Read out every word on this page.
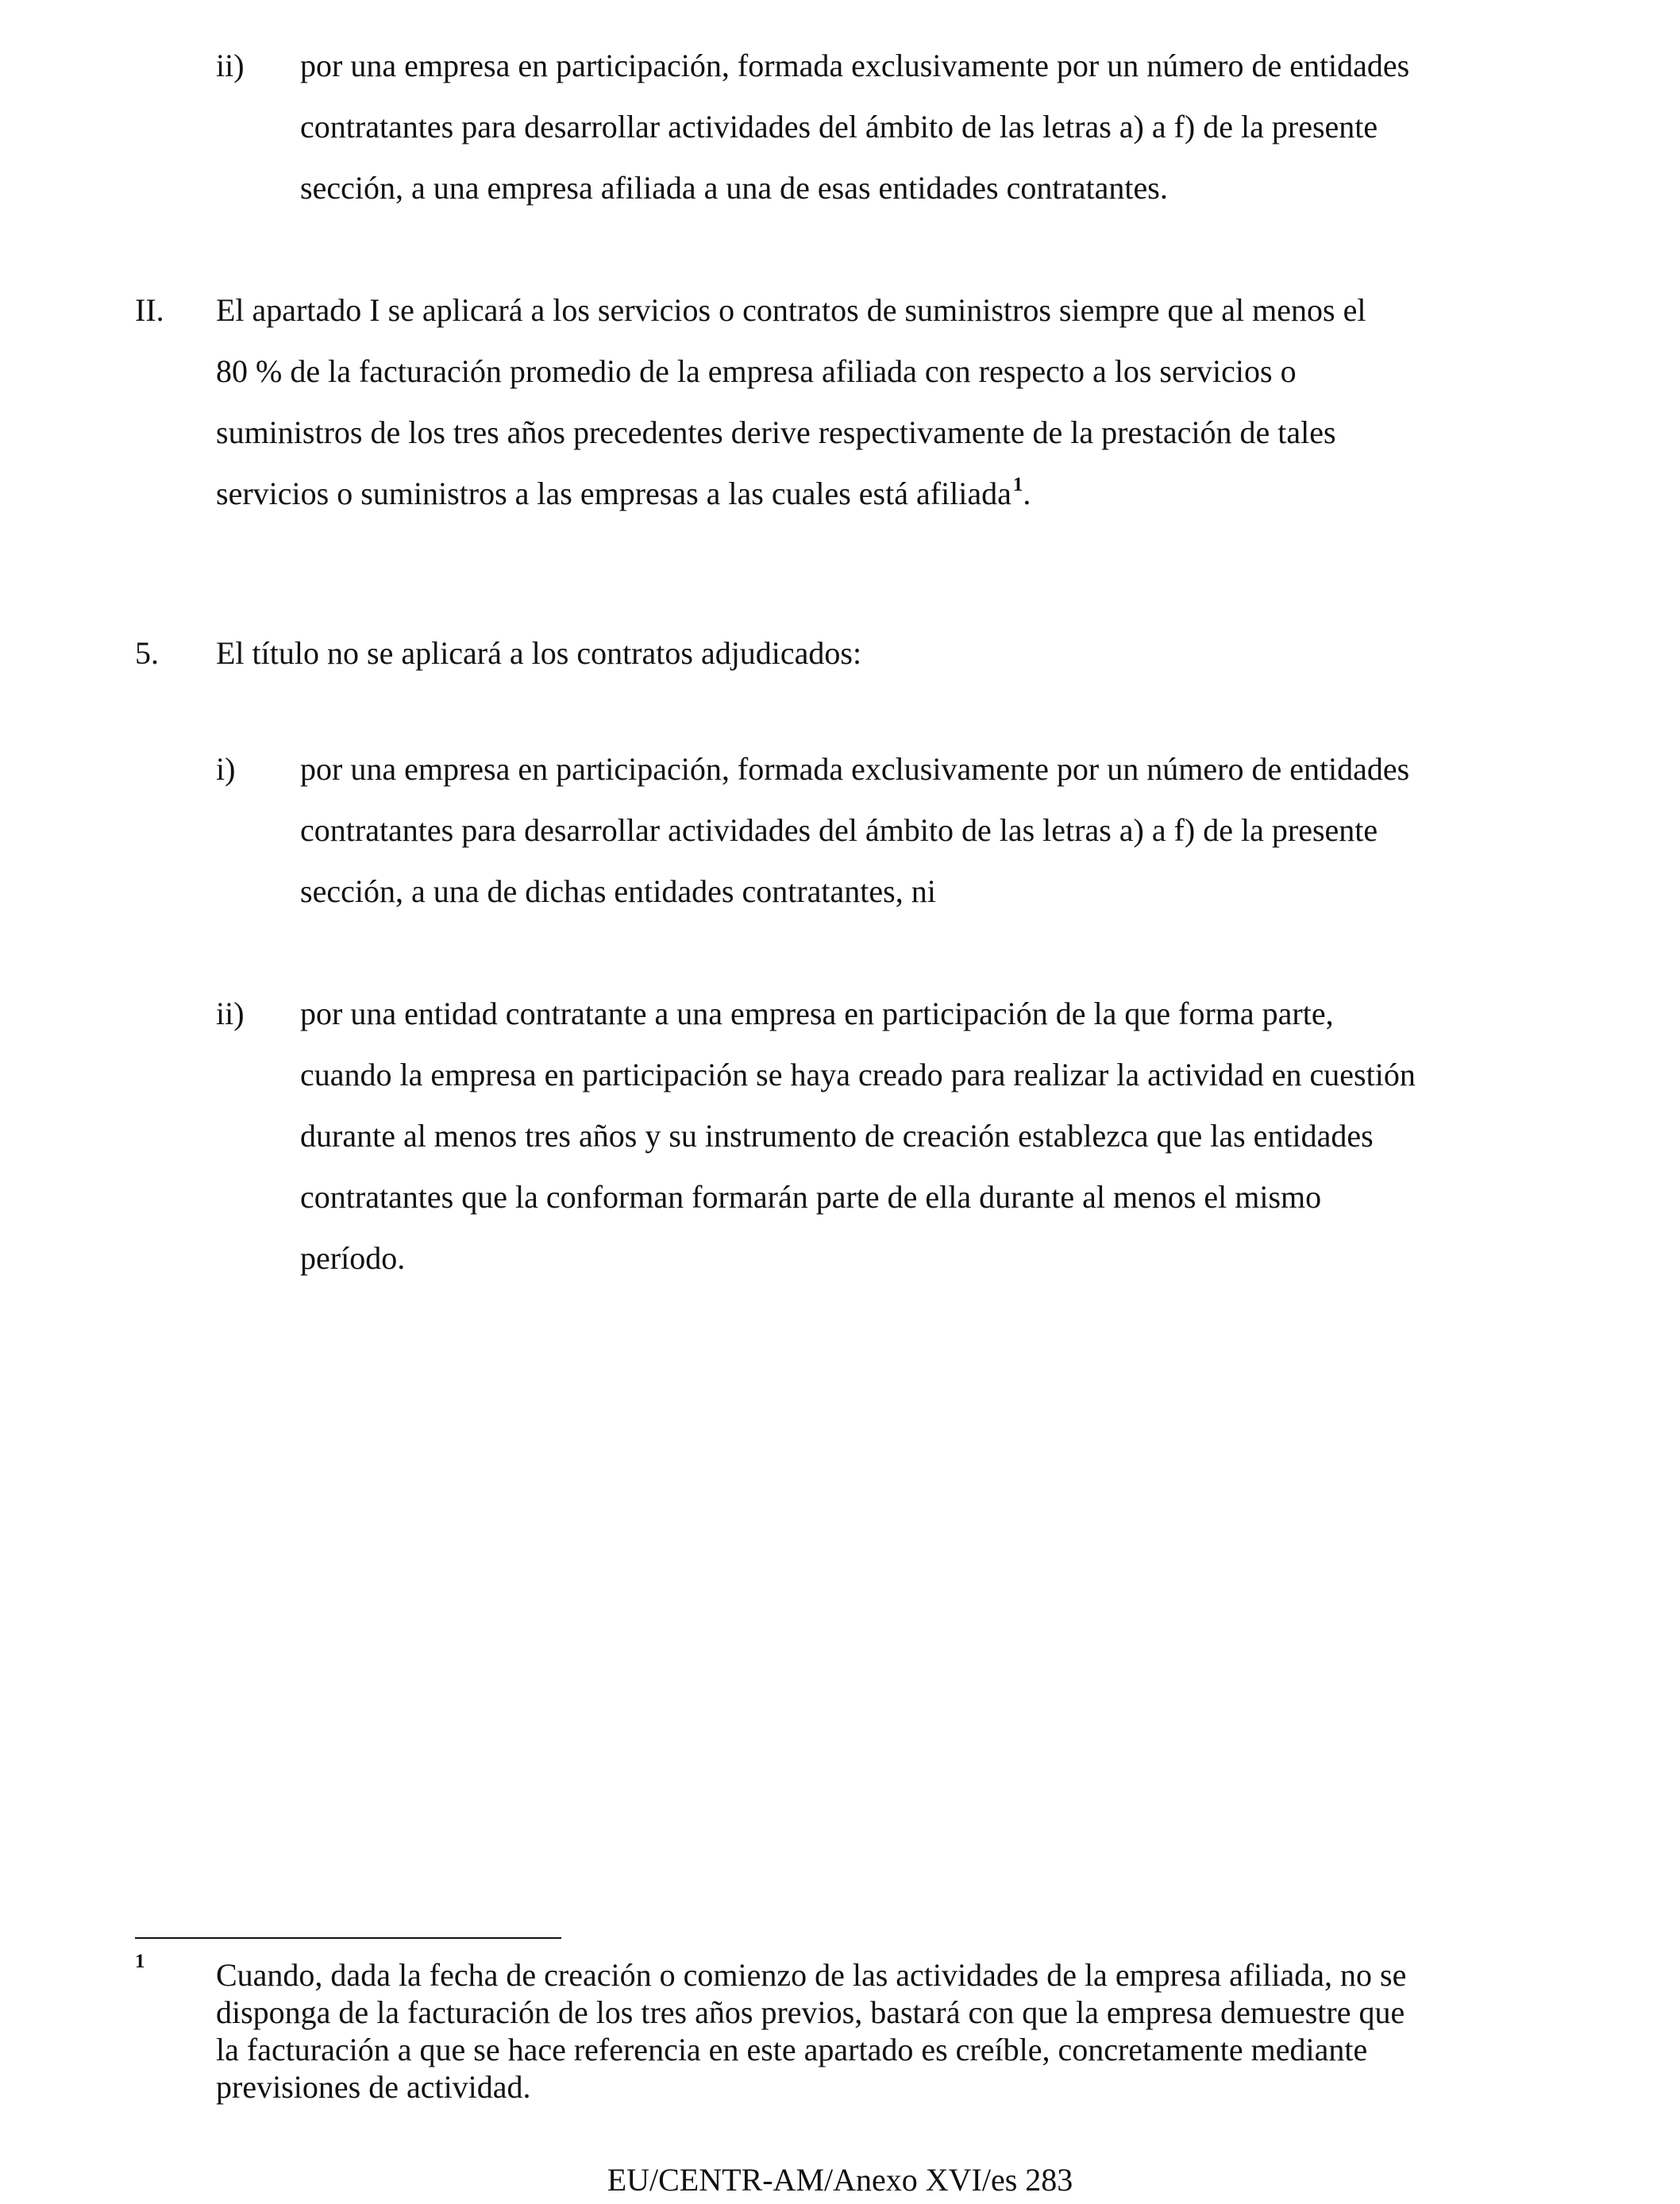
ii) por una empresa en participación, formada exclusivamente por un número de entidades
contratantes para desarrollar actividades del ámbito de las letras a) a f) de la presente
sección, a una empresa afiliada a una de esas entidades contratantes.
II. El apartado I se aplicará a los servicios o contratos de suministros siempre que al menos el
80 % de la facturación promedio de la empresa afiliada con respecto a los servicios o
suministros de los tres años precedentes derive respectivamente de la prestación de tales
servicios o suministros a las empresas a las cuales está afiliada$^1$.
5. El título no se aplicará a los contratos adjudicados:
i) por una empresa en participación, formada exclusivamente por un número de entidades
contratantes para desarrollar actividades del ámbito de las letras a) a f) de la presente
sección, a una de dichas entidades contratantes, ni
ii) por una entidad contratante a una empresa en participación de la que forma parte,
cuando la empresa en participación se haya creado para realizar la actividad en cuestión
durante al menos tres años y su instrumento de creación establezca que las entidades
contratantes que la conforman formarán parte de ella durante al menos el mismo
período.
1 Cuando, dada la fecha de creación o comienzo de las actividades de la empresa afiliada, no se
disponga de la facturación de los tres años previos, bastará con que la empresa demuestre que
la facturación a que se hace referencia en este apartado es creíble, concretamente mediante
previsiones de actividad.
EU/CENTR-AM/Anexo XVI/es 283
